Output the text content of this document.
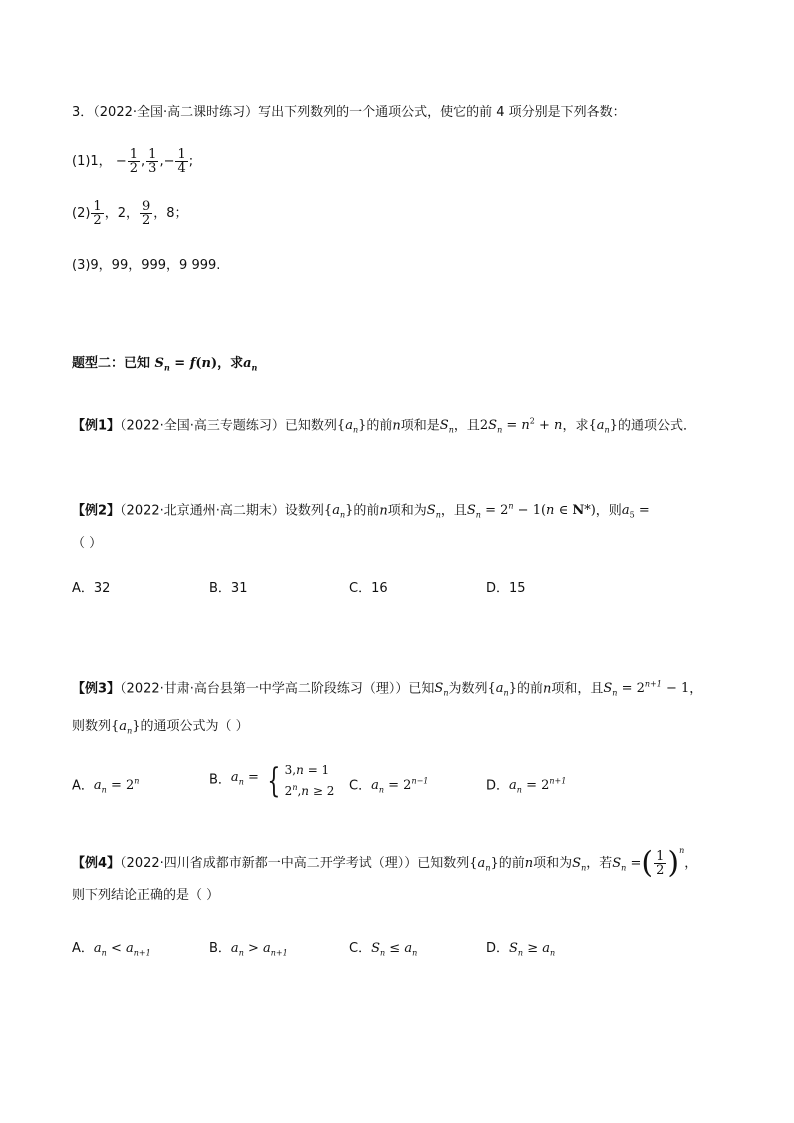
3．（2022·全国·高二课时练习）写出下列数列的一个通项公式，使它的前 4 项分别是下列各数：
(1)1， − $\frac{1}{2}$ , $\frac{1}{3}$ ,− $\frac{1}{4}$ ;
$(2) \frac{1}{2}$ ，2， $\frac{9}{2}$ ，8；
(3)9，99，999，9 999.
题型二：已知 $S_n = f(n)$，求$a_n$
【例1】（2022·全国·高三专题练习）已知数列$\{a_n\}$的前n项和是$S_n$，且$2S_n = n^2 + n$，求$\{a_n\}$的通项公式．
【例2】（2022·北京通州·高二期末）设数列$\{a_n\}$的前n项和为$S_n$，且$S_n = 2^n - 1(n$ ∈ N*)，则$a_5$ =
（ ）
A．32	B．31	C．16	D．15
【例3】（2022·甘肃·高台县第一中学高二阶段练习（理））已知$S_n$为数列$\{a_n\}$的前n项和，且$S_n = 2^{n+1} - 1$，
则数列$\{a_n\}$的通项公式为（ ）
A．$a_n = 2^n$	B．$a_n$ = { 3,n = 1
$2^n,n \ge 2$ C．$a_n = 2^{n-1}$	D．$a_n = 2^{n+1}$
【例4】（2022·四川省成都市新都一中高二开学考试（理））已知数列$\{a_n\}$的前n项和为$S_n$，若$S_n$ =( $\frac{1}{2} )^n$，
则下列结论正确的是（ ）
A．$a_n < a_{n+1}$	B．$a_n > a_{n+1}$	C．$S_n \le a_n$	D．$S_n \ge a_n$
